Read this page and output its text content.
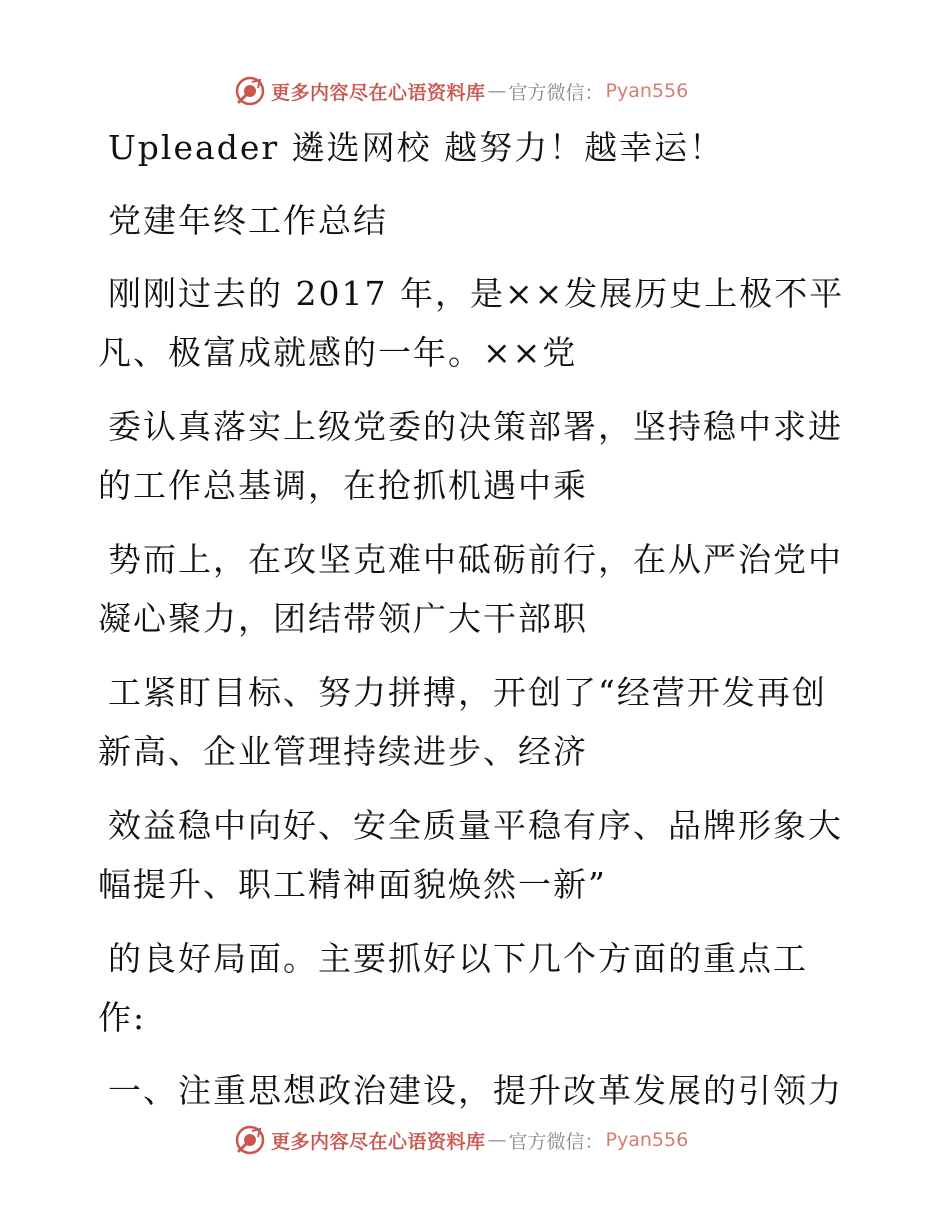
更多内容尽在心语资料库 — 官方微信： Pyan556
Upleader 遴选网校 越努力！越幸运！
党建年终工作总结
刚刚过去的 2017 年，是××发展历史上极不平
凡、极富成就感的一年。××党
委认真落实上级党委的决策部署，坚持稳中求进
的工作总基调，在抢抓机遇中乘
势而上，在攻坚克难中砥砺前行，在从严治党中
凝心聚力，团结带领广大干部职
工紧盯目标、努力拼搏，开创了“经营开发再创
新高、企业管理持续进步、经济
效益稳中向好、安全质量平稳有序、品牌形象大
幅提升、职工精神面貌焕然一新”
的良好局面。主要抓好以下几个方面的重点工
作:
一、注重思想政治建设，提升改革发展的引领力
更多内容尽在心语资料库 — 官方微信： Pyan556
